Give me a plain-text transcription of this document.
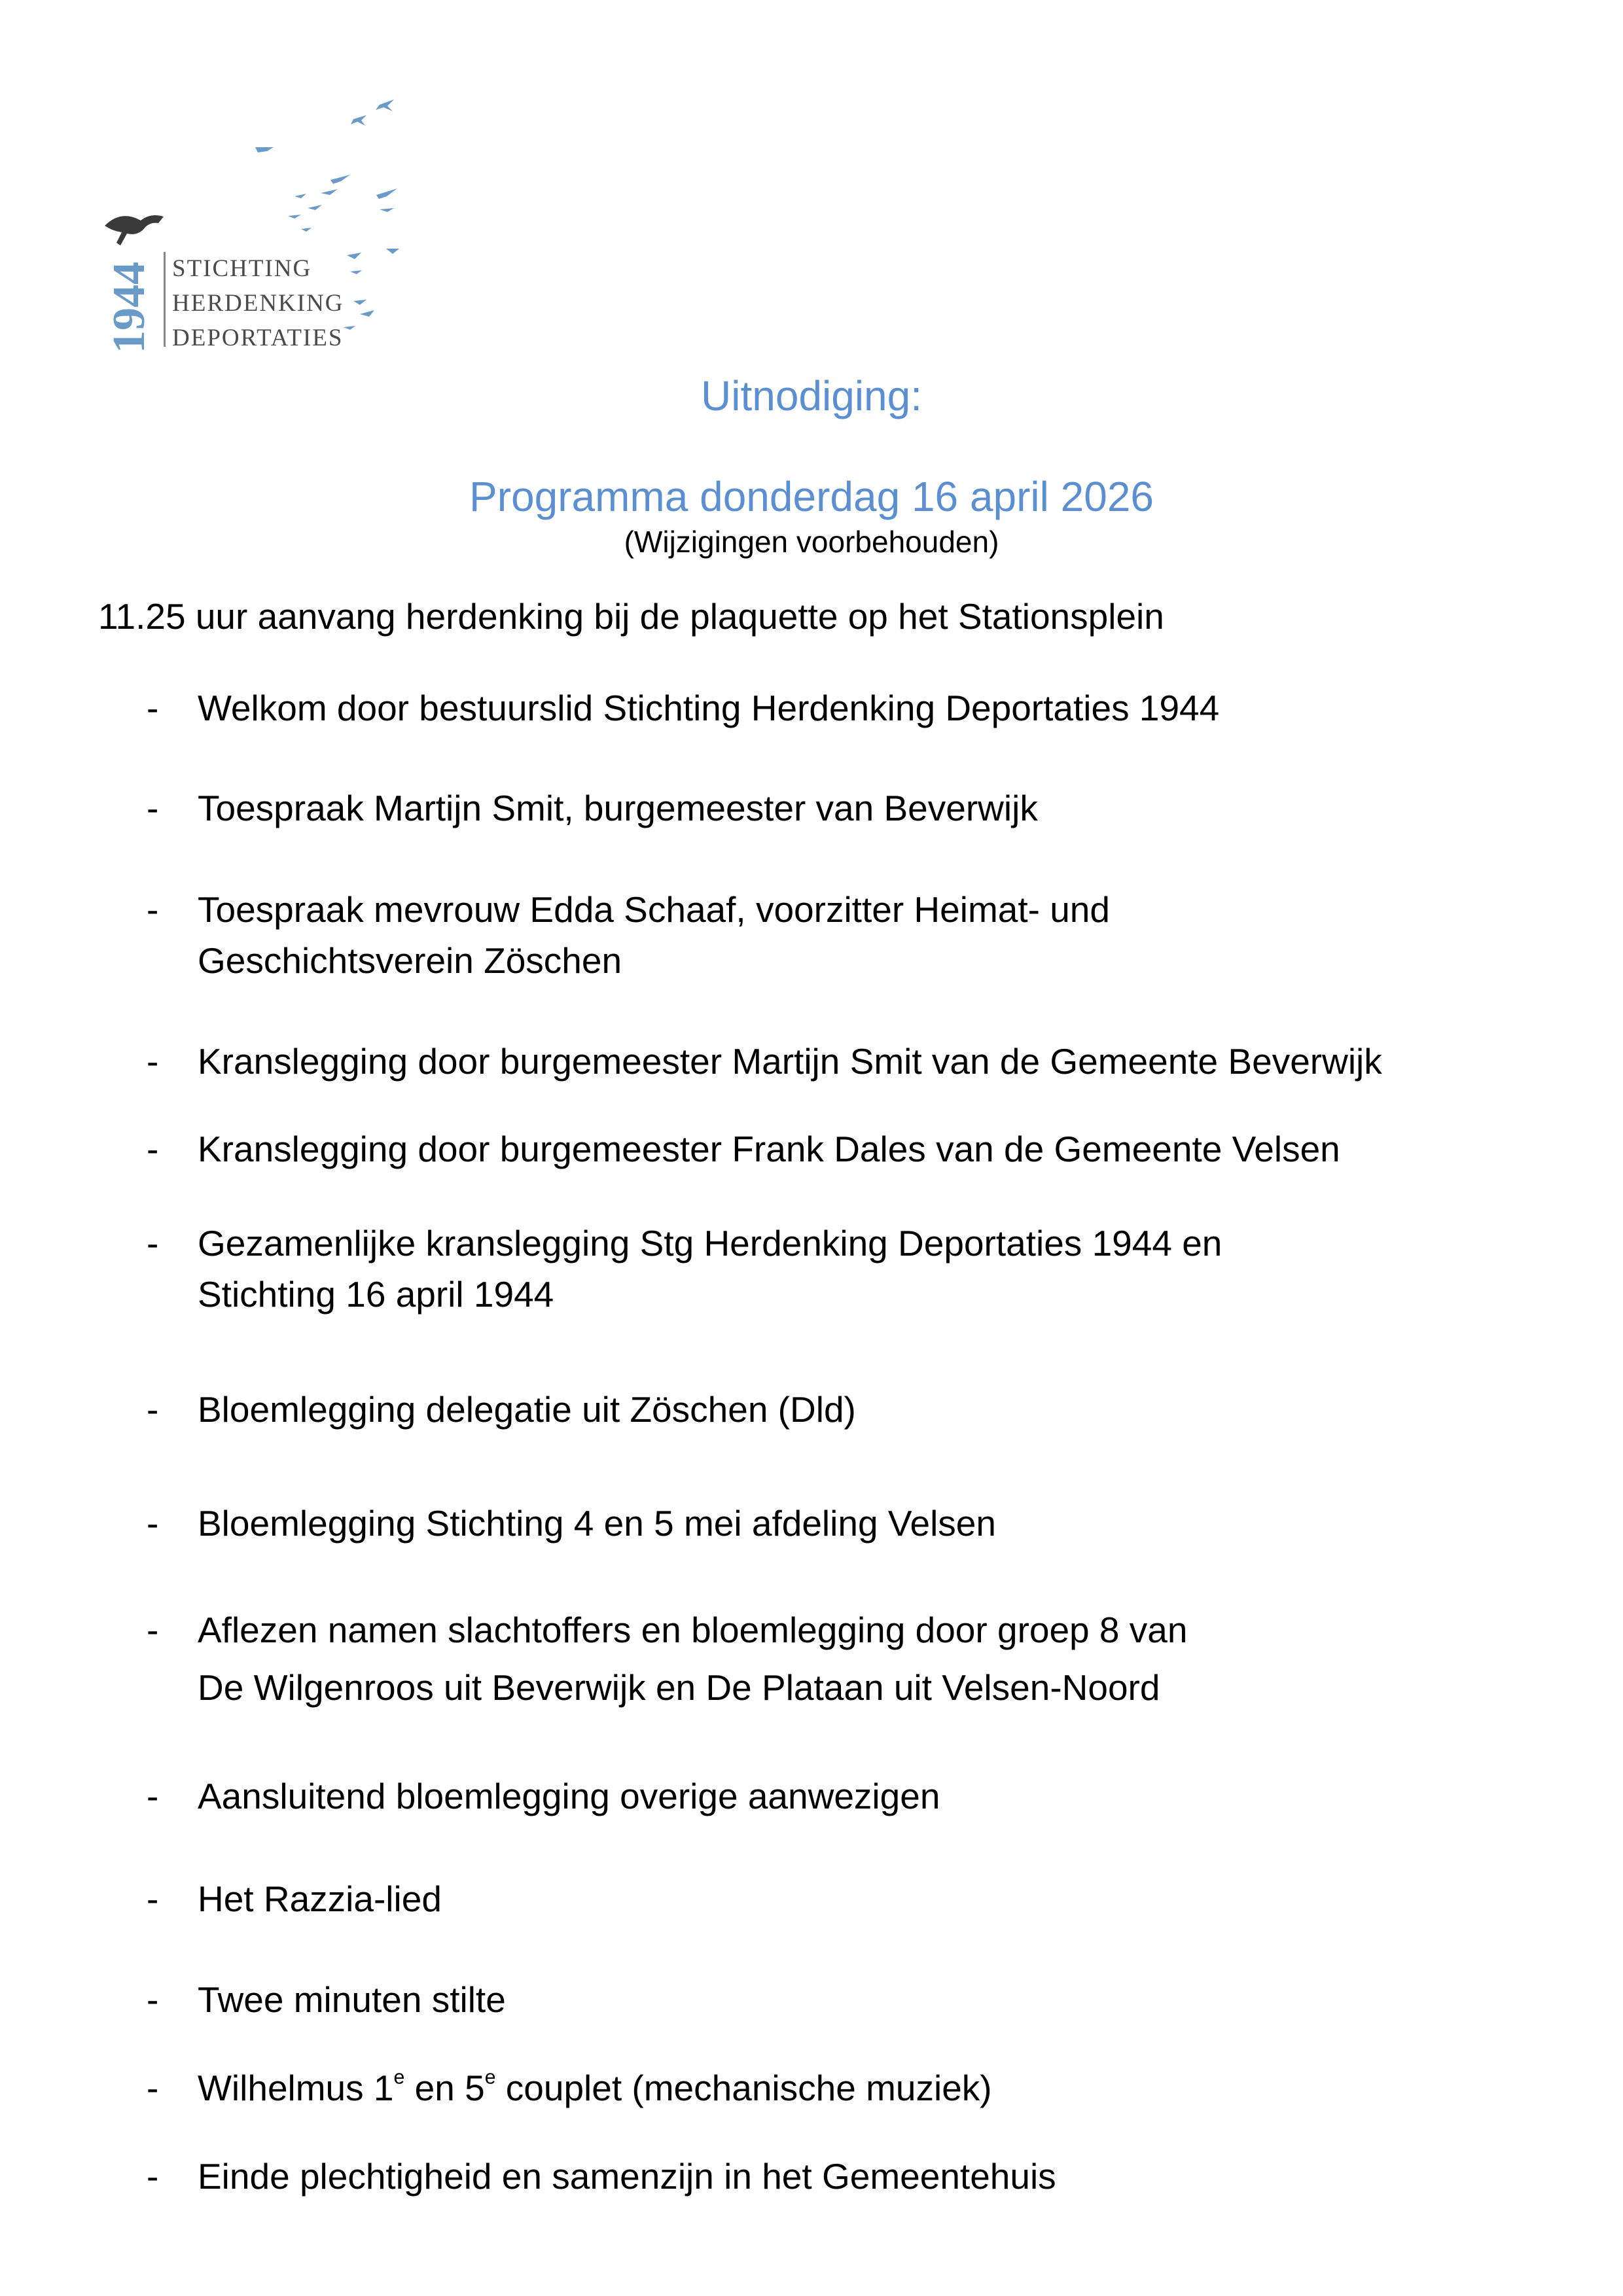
1944 STICHTING
HERDENKING
DEPORTATIES
Uitnodiging:
Programma donderdag 16 april 2026
(Wijzigingen voorbehouden)
11.25 uur aanvang herdenking bij de plaquette op het Stationsplein
- Welkom door bestuurslid Stichting Herdenking Deportaties 1944
- Toespraak Martijn Smit, burgemeester van Beverwijk
- Toespraak mevrouw Edda Schaaf, voorzitter Heimat- und
Geschichtsverein Zöschen
- Kranslegging door burgemeester Martijn Smit van de Gemeente Beverwijk
- Kranslegging door burgemeester Frank Dales van de Gemeente Velsen
- Gezamenlijke kranslegging Stg Herdenking Deportaties 1944 en
Stichting 16 april 1944
- Bloemlegging delegatie uit Zöschen (Dld)
- Bloemlegging Stichting 4 en 5 mei afdeling Velsen
- Aflezen namen slachtoffers en bloemlegging door groep 8 van
De Wilgenroos uit Beverwijk en De Plataan uit Velsen-Noord
- Aansluitend bloemlegging overige aanwezigen
- Het Razzia-lied
- Twee minuten stilte
- Wilhelmus 1e en 5e couplet (mechanische muziek)
- Einde plechtigheid en samenzijn in het Gemeentehuis
